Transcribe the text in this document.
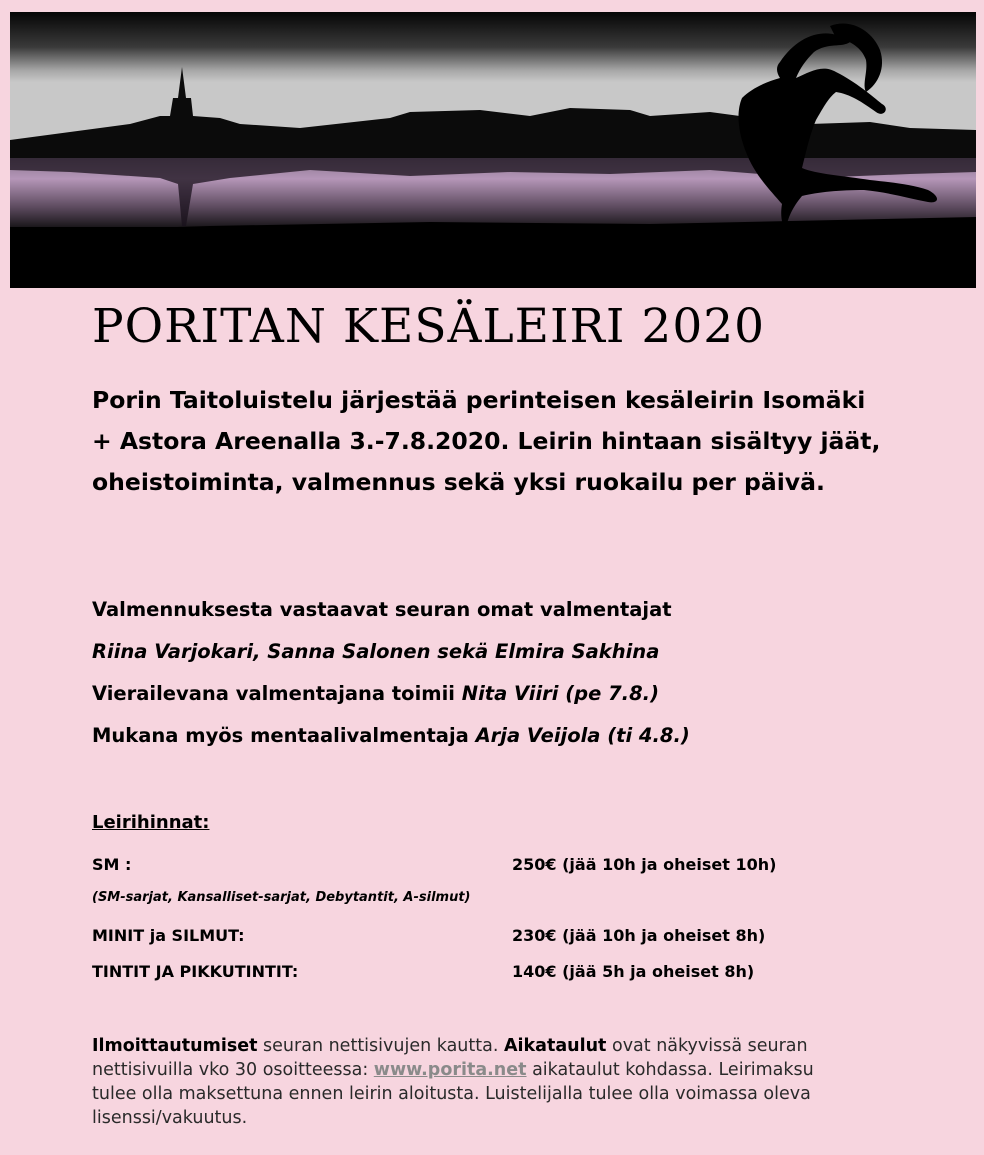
PORITAN KESÄLEIRI 2020
Porin Taitoluistelu järjestää perinteisen kesäleirin Isomäki + Astora Areenalla 3.-7.8.2020. Leirin hintaan sisältyy jäät, oheistoiminta, valmennus sekä yksi ruokailu per päivä.
Valmennuksesta vastaavat seuran omat valmentajat
Riina Varjokari, Sanna Salonen sekä Elmira Sakhina
Vierailevana valmentajana toimii Nita Viiri (pe 7.8.)
Mukana myös mentaalivalmentaja Arja Veijola (ti 4.8.)
Leirihinnat:
SM :	250€ (jää 10h ja oheiset 10h)
(SM-sarjat, Kansalliset-sarjat, Debytantit, A-silmut)
MINIT ja SILMUT:	230€ (jää 10h ja oheiset 8h)
TINTIT JA PIKKUTINTIT:	140€ (jää 5h ja oheiset 8h)
Ilmoittautumiset seuran nettisivujen kautta. Aikataulut ovat näkyvissä seuran nettisivuilla vko 30 osoitteessa: www.porita.net aikataulut kohdassa. Leirimaksu tulee olla maksettuna ennen leirin aloitusta. Luistelijalla tulee olla voimassa oleva lisenssi/vakuutus.
